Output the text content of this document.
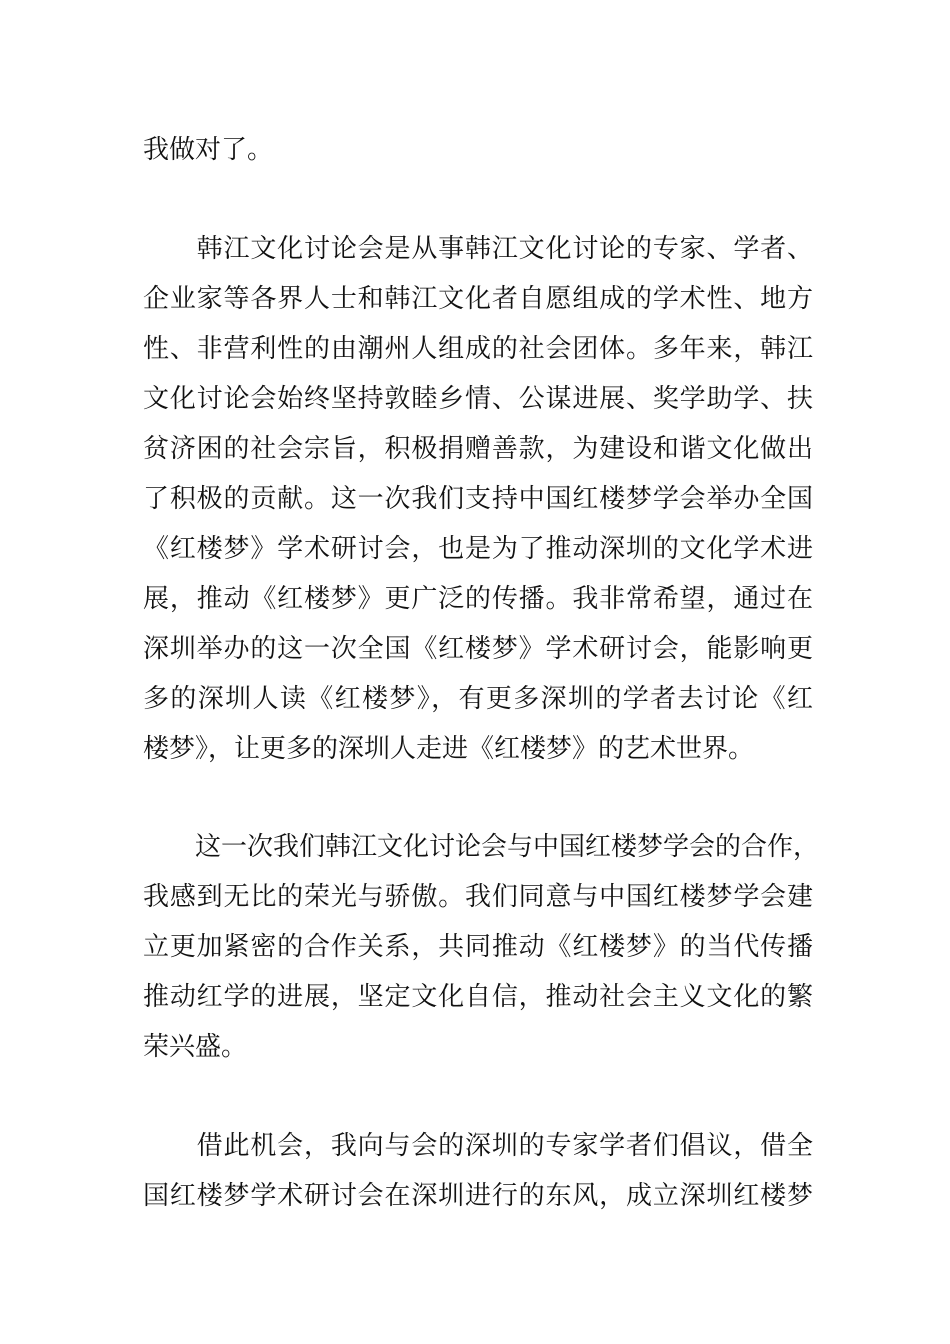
我做对了。
　　韩江文化讨论会是从事韩江文化讨论的专家、学者、
企业家等各界人士和韩江文化者自愿组成的学术性、地方
性、非营利性的由潮州人组成的社会团体。多年来，韩江
文化讨论会始终坚持敦睦乡情、公谋进展、奖学助学、扶
贫济困的社会宗旨，积极捐赠善款，为建设和谐文化做出
了积极的贡献。这一次我们支持中国红楼梦学会举办全国
《红楼梦》学术研讨会，也是为了推动深圳的文化学术进
展，推动《红楼梦》更广泛的传播。我非常希望，通过在
深圳举办的这一次全国《红楼梦》学术研讨会，能影响更
多的深圳人读《红楼梦》，有更多深圳的学者去讨论《红
楼梦》，让更多的深圳人走进《红楼梦》的艺术世界。
　　这一次我们韩江文化讨论会与中国红楼梦学会的合作，
我感到无比的荣光与骄傲。我们同意与中国红楼梦学会建
立更加紧密的合作关系，共同推动《红楼梦》的当代传播
推动红学的进展，坚定文化自信，推动社会主义文化的繁
荣兴盛。
　　借此机会，我向与会的深圳的专家学者们倡议，借全
国红楼梦学术研讨会在深圳进行的东风，成立深圳红楼梦
